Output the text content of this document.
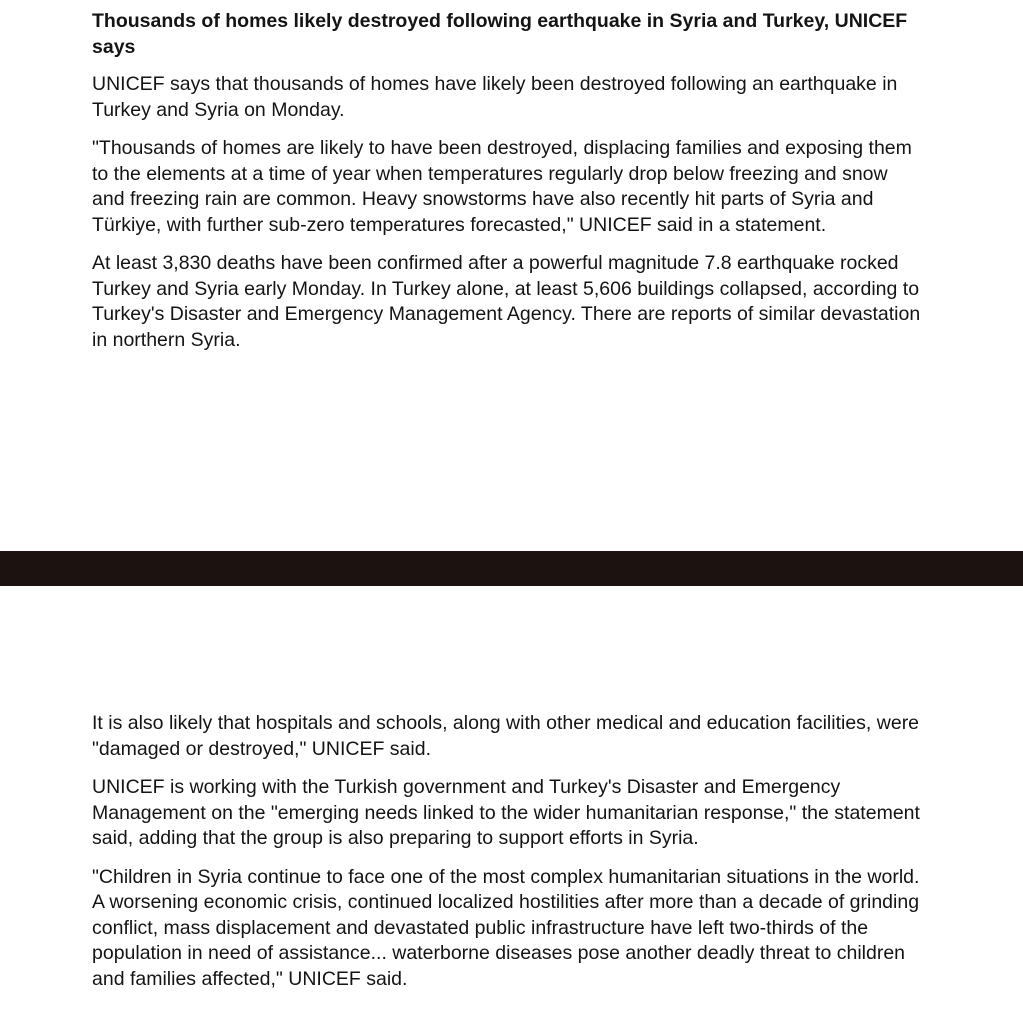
Thousands of homes likely destroyed following earthquake in Syria and Turkey, UNICEF says

UNICEF says that thousands of homes have likely been destroyed following an earthquake in Turkey and Syria on Monday.

"Thousands of homes are likely to have been destroyed, displacing families and exposing them to the elements at a time of year when temperatures regularly drop below freezing and snow and freezing rain are common. Heavy snowstorms have also recently hit parts of Syria and Türkiye, with further sub-zero temperatures forecasted," UNICEF said in a statement.

At least 3,830 deaths have been confirmed after a powerful magnitude 7.8 earthquake rocked Turkey and Syria early Monday. In Turkey alone, at least 5,606 buildings collapsed, according to Turkey's Disaster and Emergency Management Agency. There are reports of similar devastation in northern Syria.

It is also likely that hospitals and schools, along with other medical and education facilities, were "damaged or destroyed," UNICEF said.

UNICEF is working with the Turkish government and Turkey's Disaster and Emergency Management on the "emerging needs linked to the wider humanitarian response," the statement said, adding that the group is also preparing to support efforts in Syria.

"Children in Syria continue to face one of the most complex humanitarian situations in the world. A worsening economic crisis, continued localized hostilities after more than a decade of grinding conflict, mass displacement and devastated public infrastructure have left two-thirds of the population in need of assistance... waterborne diseases pose another deadly threat to children and families affected," UNICEF said.
